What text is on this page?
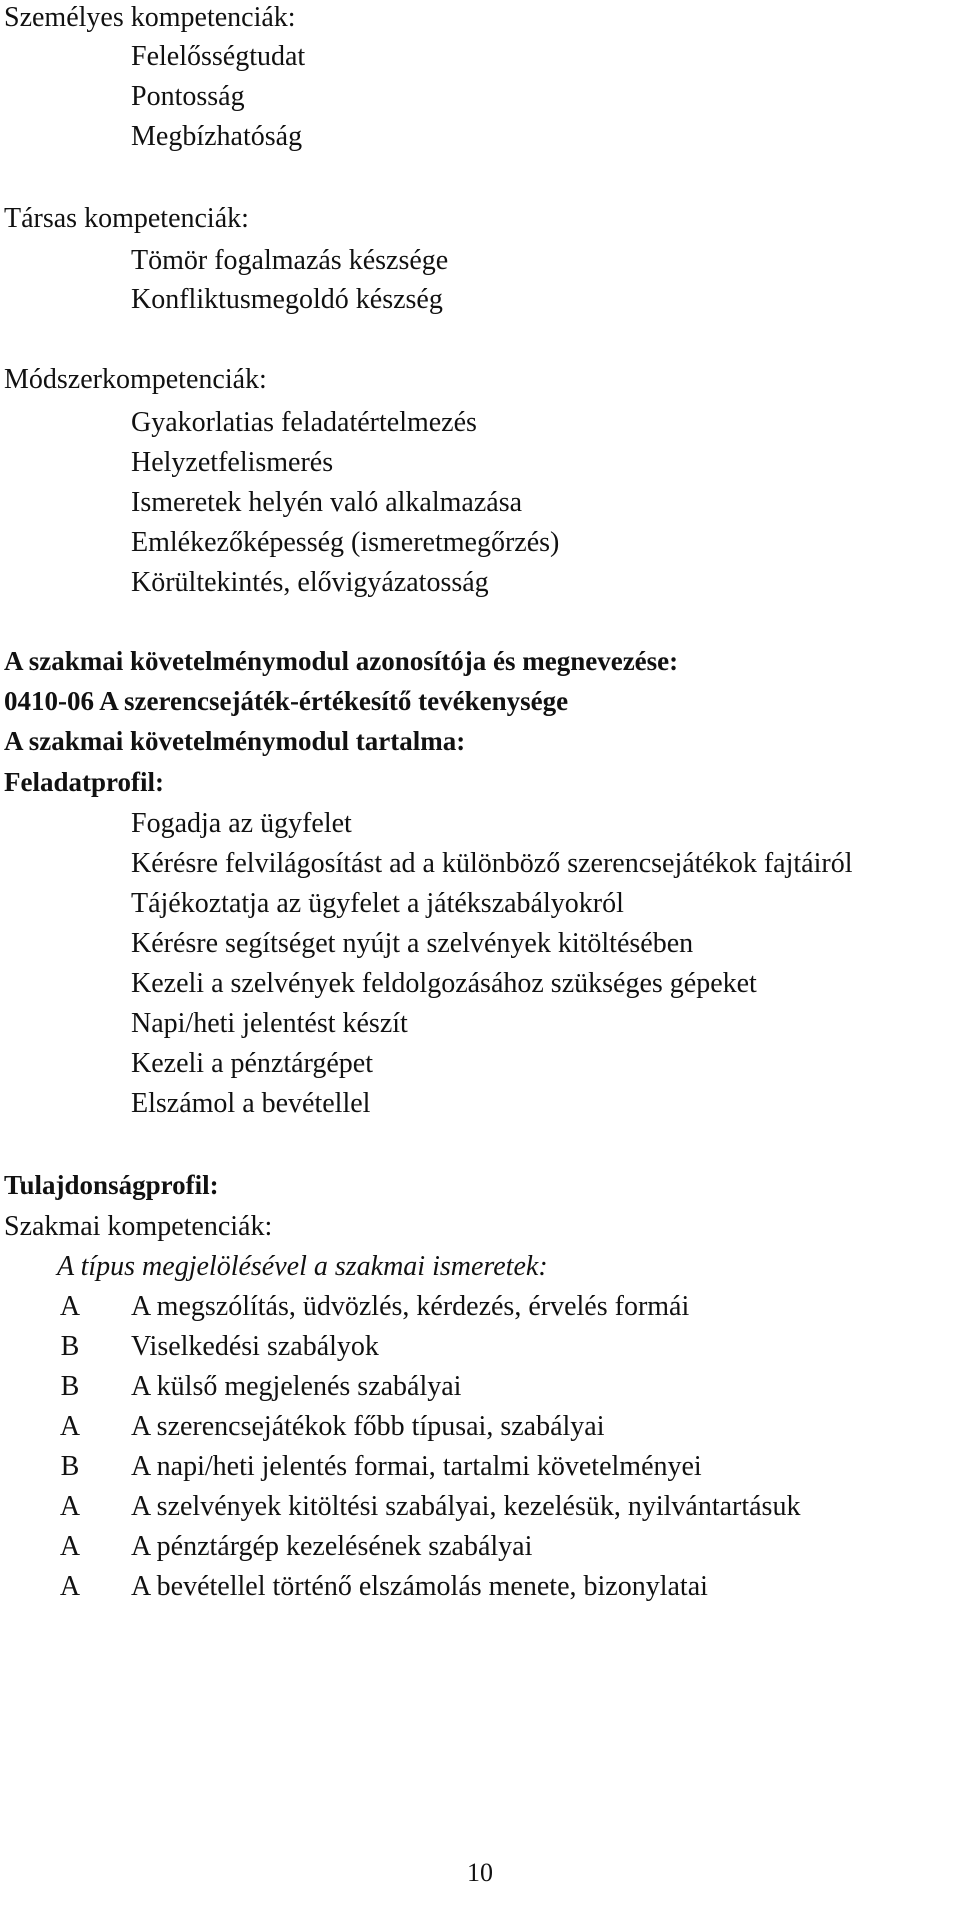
Személyes kompetenciák:
Felelősségtudat
Pontosság
Megbízhatóság
Társas kompetenciák:
Tömör fogalmazás készsége
Konfliktusmegoldó készség
Módszerkompetenciák:
Gyakorlatias feladatértelmezés
Helyzetfelismerés
Ismeretek helyén való alkalmazása
Emlékezőképesség (ismeretmegőrzés)
Körültekintés, elővigyázatosság
A szakmai követelménymodul azonosítója és megnevezése:
0410-06 A szerencsejáték-értékesítő tevékenysége
A szakmai követelménymodul tartalma:
Feladatprofil:
Fogadja az ügyfelet
Kérésre felvilágosítást ad a különböző szerencsejátékok fajtáiról
Tájékoztatja az ügyfelet a játékszabályokról
Kérésre segítséget nyújt a szelvények kitöltésében
Kezeli a szelvények feldolgozásához szükséges gépeket
Napi/heti jelentést készít
Kezeli a pénztárgépet
Elszámol a bevétellel
Tulajdonságprofil:
Szakmai kompetenciák:
A típus megjelölésével a szakmai ismeretek:
A A megszólítás, üdvözlés, kérdezés, érvelés formái
B	Viselkedési szabályok
B	A külső megjelenés szabályai
A A szerencsejátékok főbb típusai, szabályai
B	A napi/heti jelentés formai, tartalmi követelményei
A A szelvények kitöltési szabályai, kezelésük, nyilvántartásuk
A A pénztárgép kezelésének szabályai
A A bevétellel történő elszámolás menete, bizonylatai
10
